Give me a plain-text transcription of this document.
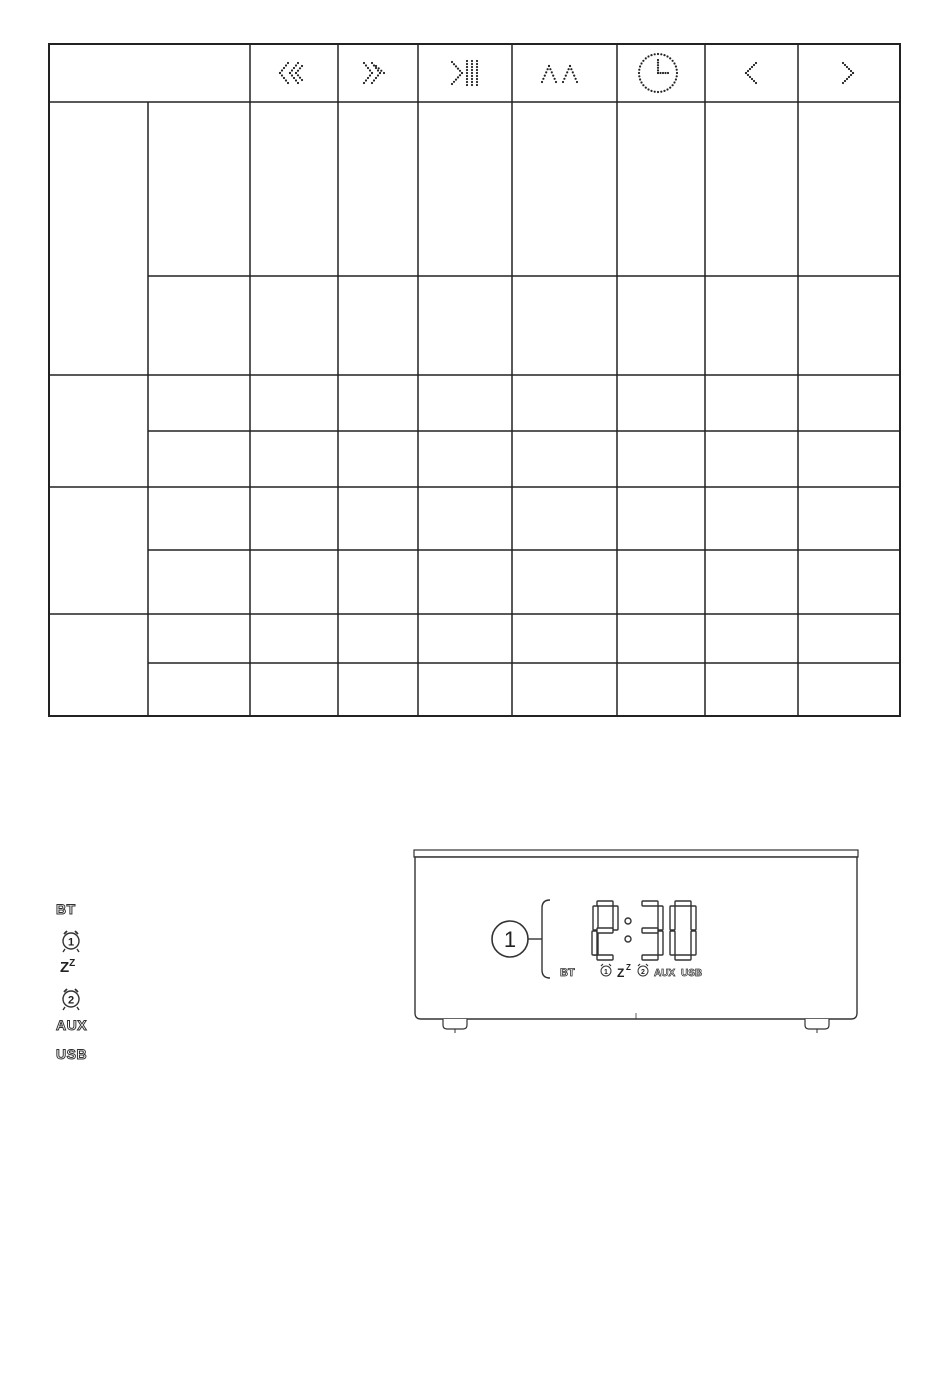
BT
1
$Z^Z$
2
AUX
USB
1
BT	1 Z Z
2 AUX USB
